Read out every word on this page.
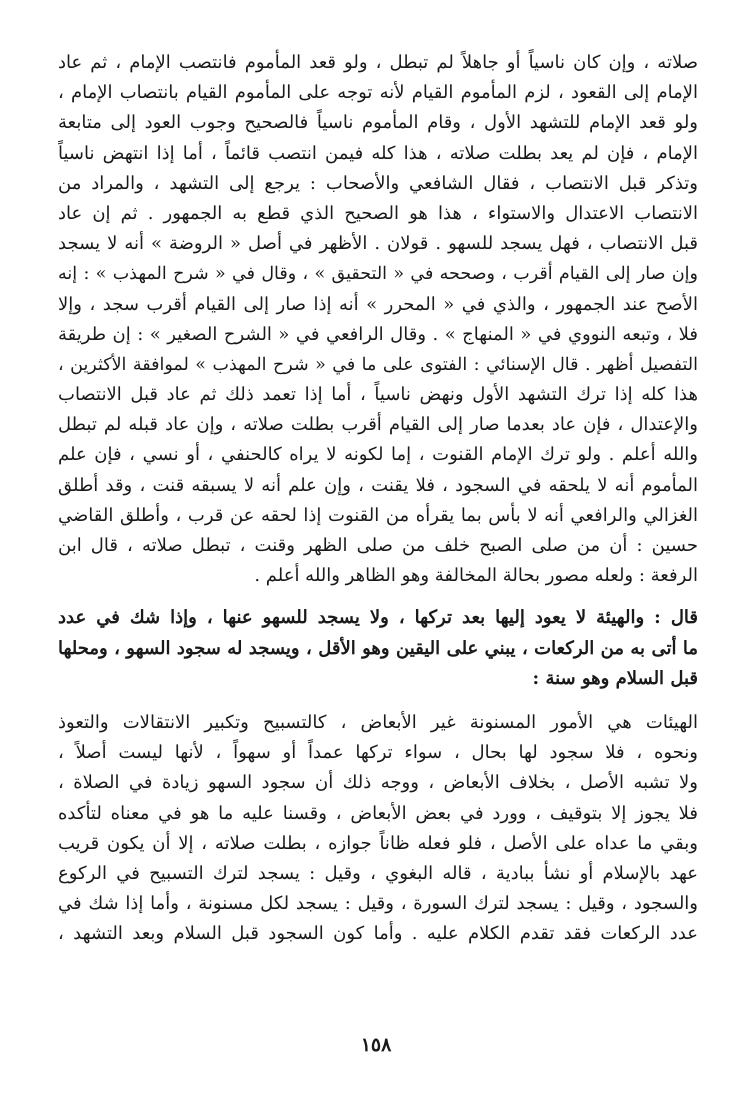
صلاته ، وإن كان ناسياً أو جاهلاً لم تبطل ، ولو قعد المأموم فانتصب الإمام ، ثم عاد
الإمام إلى القعود ، لزم المأموم القيام لأنه توجه على المأموم القيام بانتصاب الإمام ،
ولو قعد الإمام للتشهد الأول ، وقام المأموم ناسياً فالصحيح وجوب العود إلى متابعة
الإمام ، فإن لم يعد بطلت صلاته ، هذا كله فيمن انتصب قائماً ، أما إذا انتهض ناسياً
وتذكر قبل الانتصاب ، فقال الشافعي والأصحاب : يرجع إلى التشهد ، والمراد من
الانتصاب الاعتدال والاستواء ، هذا هو الصحيح الذي قطع به الجمهور . ثم إن عاد
قبل الانتصاب ، فهل يسجد للسهو . قولان . الأظهر في أصل « الروضة » أنه لا يسجد
وإن صار إلى القيام أقرب ، وصححه في « التحقيق » ، وقال في « شرح المهذب » : إنه
الأصح عند الجمهور ، والذي في « المحرر » أنه إذا صار إلى القيام أقرب سجد ، وإلا
فلا ، وتبعه النووي في « المنهاج » . وقال الرافعي في « الشرح الصغير » : إن طريقة
التفصيل أظهر . قال الإسنائي : الفتوى على ما في « شرح المهذب » لموافقة الأكثرين ،
هذا كله إذا ترك التشهد الأول ونهض ناسياً ، أما إذا تعمد ذلك ثم عاد قبل الانتصاب
والإعتدال ، فإن عاد بعدما صار إلى القيام أقرب بطلت صلاته ، وإن عاد قبله لم تبطل
والله أعلم . ولو ترك الإمام القنوت ، إما لكونه لا يراه كالحنفي ، أو نسي ، فإن علم
المأموم أنه لا يلحقه في السجود ، فلا يقنت ، وإن علم أنه لا يسبقه قنت ، وقد أطلق
الغزالي والرافعي أنه لا بأس بما يقرأه من القنوت إذا لحقه عن قرب ، وأطلق القاضي
حسين : أن من صلى الصبح خلف من صلى الظهر وقنت ، تبطل صلاته ، قال ابن
الرفعة : ولعله مصور بحالة المخالفة وهو الظاهر والله أعلم .
قال : والهيئة لا يعود إليها بعد تركها ، ولا يسجد للسهو عنها ، وإذا شك في عدد
ما أتى به من الركعات ، يبني على اليقين وهو الأقل ، ويسجد له سجود السهو ، ومحلها
قبل السلام وهو سنة :
الهيئات هي الأمور المسنونة غير الأبعاض ، كالتسبيح وتكبير الانتقالات والتعوذ
ونحوه ، فلا سجود لها بحال ، سواء تركها عمداً أو سهواً ، لأنها ليست أصلاً ،
ولا تشبه الأصل ، بخلاف الأبعاض ، ووجه ذلك أن سجود السهو زيادة في الصلاة ،
فلا يجوز إلا بتوقيف ، وورد في بعض الأبعاض ، وقسنا عليه ما هو في معناه لتأكده
وبقي ما عداه على الأصل ، فلو فعله ظاناً جوازه ، بطلت صلاته ، إلا أن يكون قريب
عهد بالإسلام أو نشأ ببادية ، قاله البغوي ، وقيل : يسجد لترك التسبيح في الركوع
والسجود ، وقيل : يسجد لترك السورة ، وقيل : يسجد لكل مسنونة ، وأما إذا شك في
عدد الركعات فقد تقدم الكلام عليه . وأما كون السجود قبل السلام وبعد التشهد ،
١٥٨
